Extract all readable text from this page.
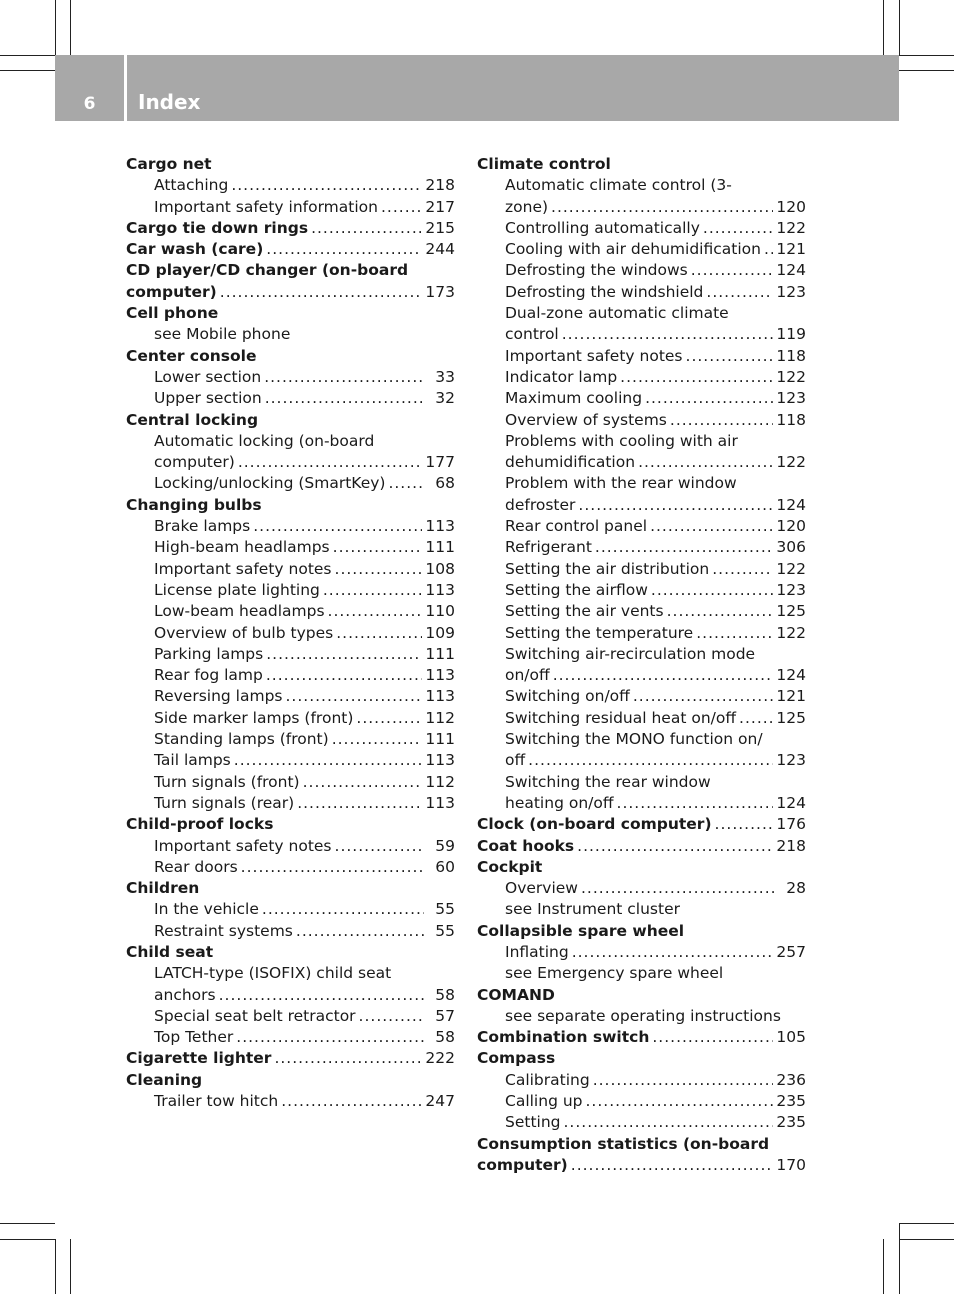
6	Index
Cargo net
Attaching .....	218
Important safety information .....	217
Cargo tie down rings .....	215
Car wash (care) .....	244
CD player/CD changer (on-board
computer) .....	173
Cell phone
see Mobile phone
Center console
Lower section .....	33
Upper section .....	32
Central locking
Automatic locking (on-board
computer) .....	177
Locking/unlocking (SmartKey) .....	68
Changing bulbs
Brake lamps .....	113
High-beam headlamps .....	111
Important safety notes .....	108
License plate lighting .....	113
Low-beam headlamps .....	110
Overview of bulb types .....	109
Parking lamps .....	111
Rear fog lamp .....	113
Reversing lamps .....	113
Side marker lamps (front) .....	112
Standing lamps (front) .....	111
Tail lamps .....	113
Turn signals (front) .....	112
Turn signals (rear) .....	113
Child-proof locks
Important safety notes .....	59
Rear doors .....	60
Children
In the vehicle .....	55
Restraint systems .....	55
Child seat
LATCH-type (ISOFIX) child seat
anchors .....	58
Special seat belt retractor .....	57
Top Tether .....	58
Cigarette lighter .....	222
Cleaning
Trailer tow hitch .....	247
Climate control
Automatic climate control (3-
zone) .....	120
Controlling automatically .....	122
Cooling with air dehumidification ..... 121
Defrosting the windows .....	124
Defrosting the windshield .....	123
Dual-zone automatic climate
control .....	119
Important safety notes .....	118
Indicator lamp .....	122
Maximum cooling .....	123
Overview of systems .....	118
Problems with cooling with air
dehumidification .....	122
Problem with the rear window
defroster .....	124
Rear control panel .....	120
Refrigerant .....	306
Setting the air distribution .....	122
Setting the airflow .....	123
Setting the air vents .....	125
Setting the temperature .....	122
Switching air-recirculation mode
on/off .....	124
Switching on/off .....	121
Switching residual heat on/off .....	125
Switching the MONO function on/
off .....	123
Switching the rear window
heating on/off .....	124
Clock (on-board computer) .....	176
Coat hooks .....	218
Cockpit
Overview .....	28
see Instrument cluster
Collapsible spare wheel
Inflating .....	257
see Emergency spare wheel
COMAND
see separate operating instructions
Combination switch .....	105
Compass
Calibrating .....	236
Calling up .....	235
Setting .....	235
Consumption statistics (on-board
computer) .....	170
